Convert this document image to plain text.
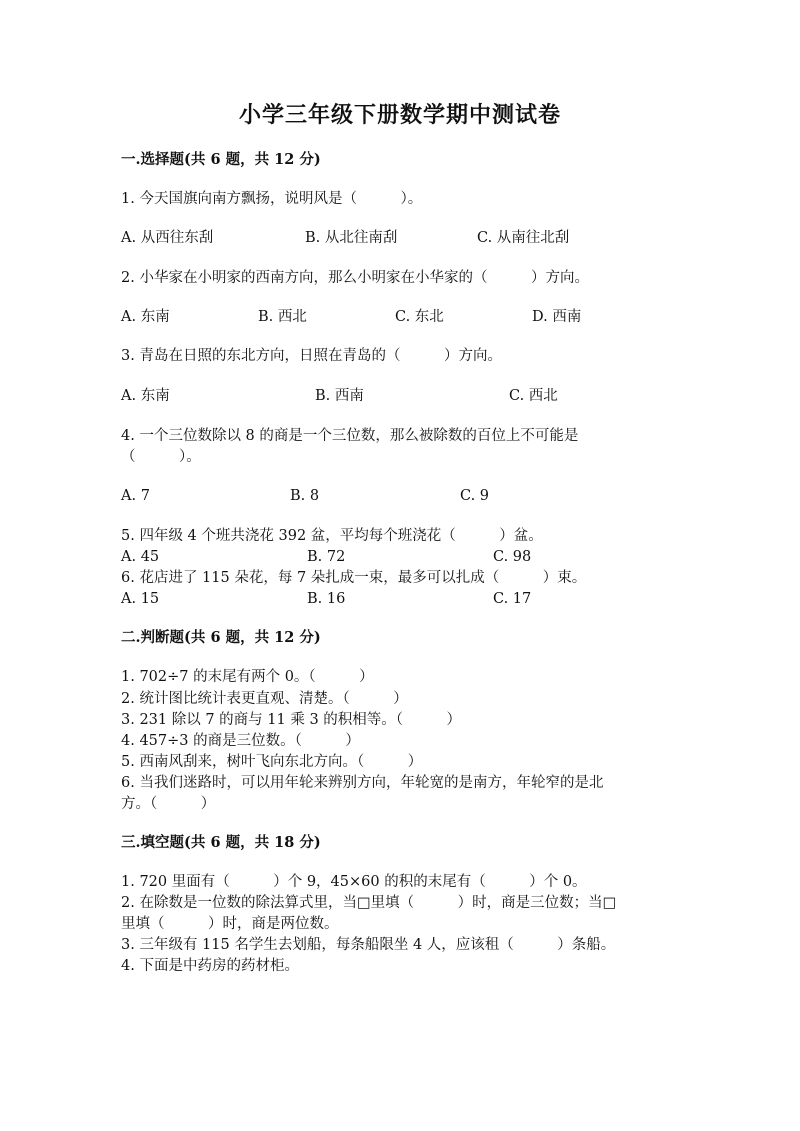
小学三年级下册数学期中测试卷
一.选择题(共 6 题，共 12 分)
1. 今天国旗向南方飘扬，说明风是（　　　）。
A. 从西往东刮	B. 从北往南刮	C. 从南往北刮
2. 小华家在小明家的西南方向，那么小明家在小华家的（　　　）方向。
A. 东南	B. 西北	C. 东北	D. 西南
3. 青岛在日照的东北方向，日照在青岛的（　　　）方向。
A. 东南	B. 西南	C. 西北
4. 一个三位数除以 8 的商是一个三位数，那么被除数的百位上不可能是
（　　　）。
A. 7	B. 8	C. 9
5. 四年级 4 个班共浇花 392 盆，平均每个班浇花（　　　）盆。
A. 45	B. 72	C. 98
6. 花店进了 115 朵花，每 7 朵扎成一束，最多可以扎成（　　　）束。
A. 15	B. 16	C. 17
二.判断题(共 6 题，共 12 分)
1. 702÷7 的末尾有两个 0。（　　　）
2. 统计图比统计表更直观、清楚。（　　　）
3. 231 除以 7 的商与 11 乘 3 的积相等。（　　　）
4. 457÷3 的商是三位数。（　　　）
5. 西南风刮来，树叶飞向东北方向。（　　　）
6. 当我们迷路时，可以用年轮来辨别方向，年轮宽的是南方，年轮窄的是北
方。（　　　）
三.填空题(共 6 题，共 18 分)
1. 720 里面有（　　　）个 9，45×60 的积的末尾有（　　　）个 0。
2. 在除数是一位数的除法算式里，当□里填（　　　）时，商是三位数；当□
里填（　　　）时，商是两位数。
3. 三年级有 115 名学生去划船，每条船限坐 4 人，应该租（　　　）条船。
4. 下面是中药房的药材柜。
